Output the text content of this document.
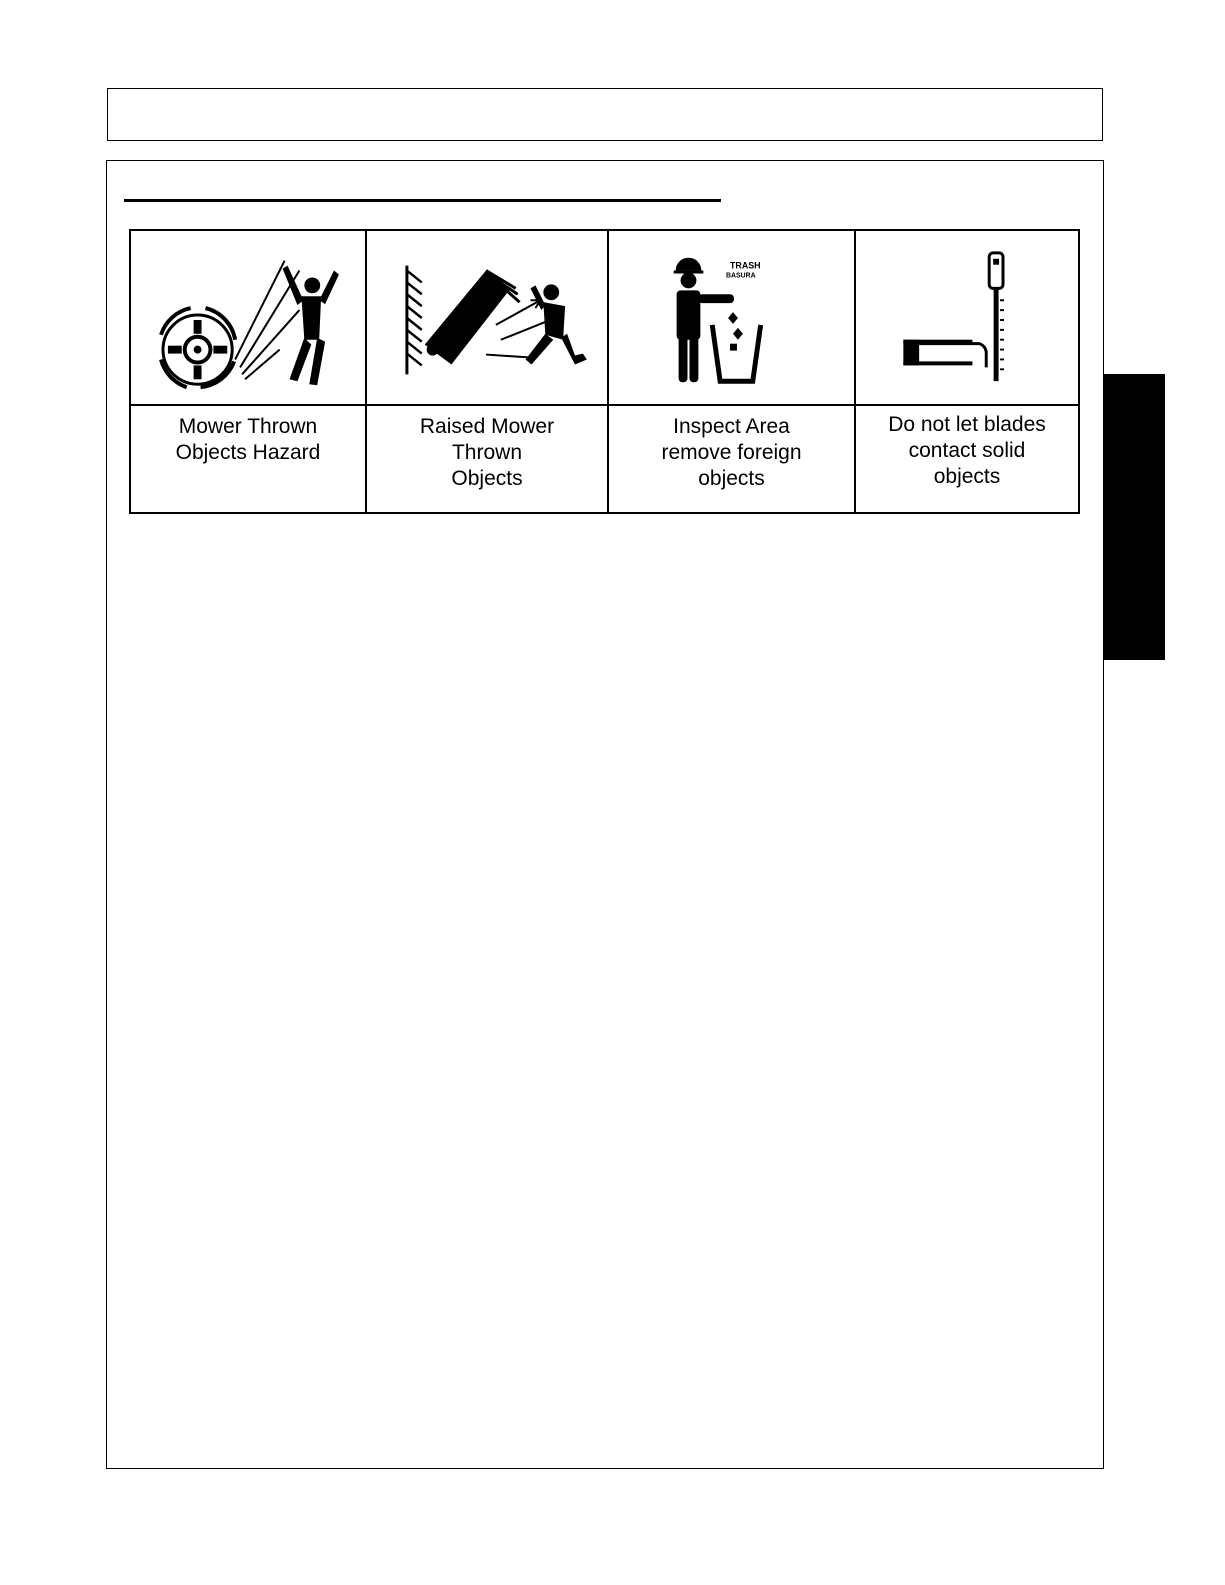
TRASH
BASURA
Mower Thrown
Objects Hazard
Raised Mower
Thrown
Objects
Inspect Area
remove foreign
objects
Do not let blades
contact solid
objects
